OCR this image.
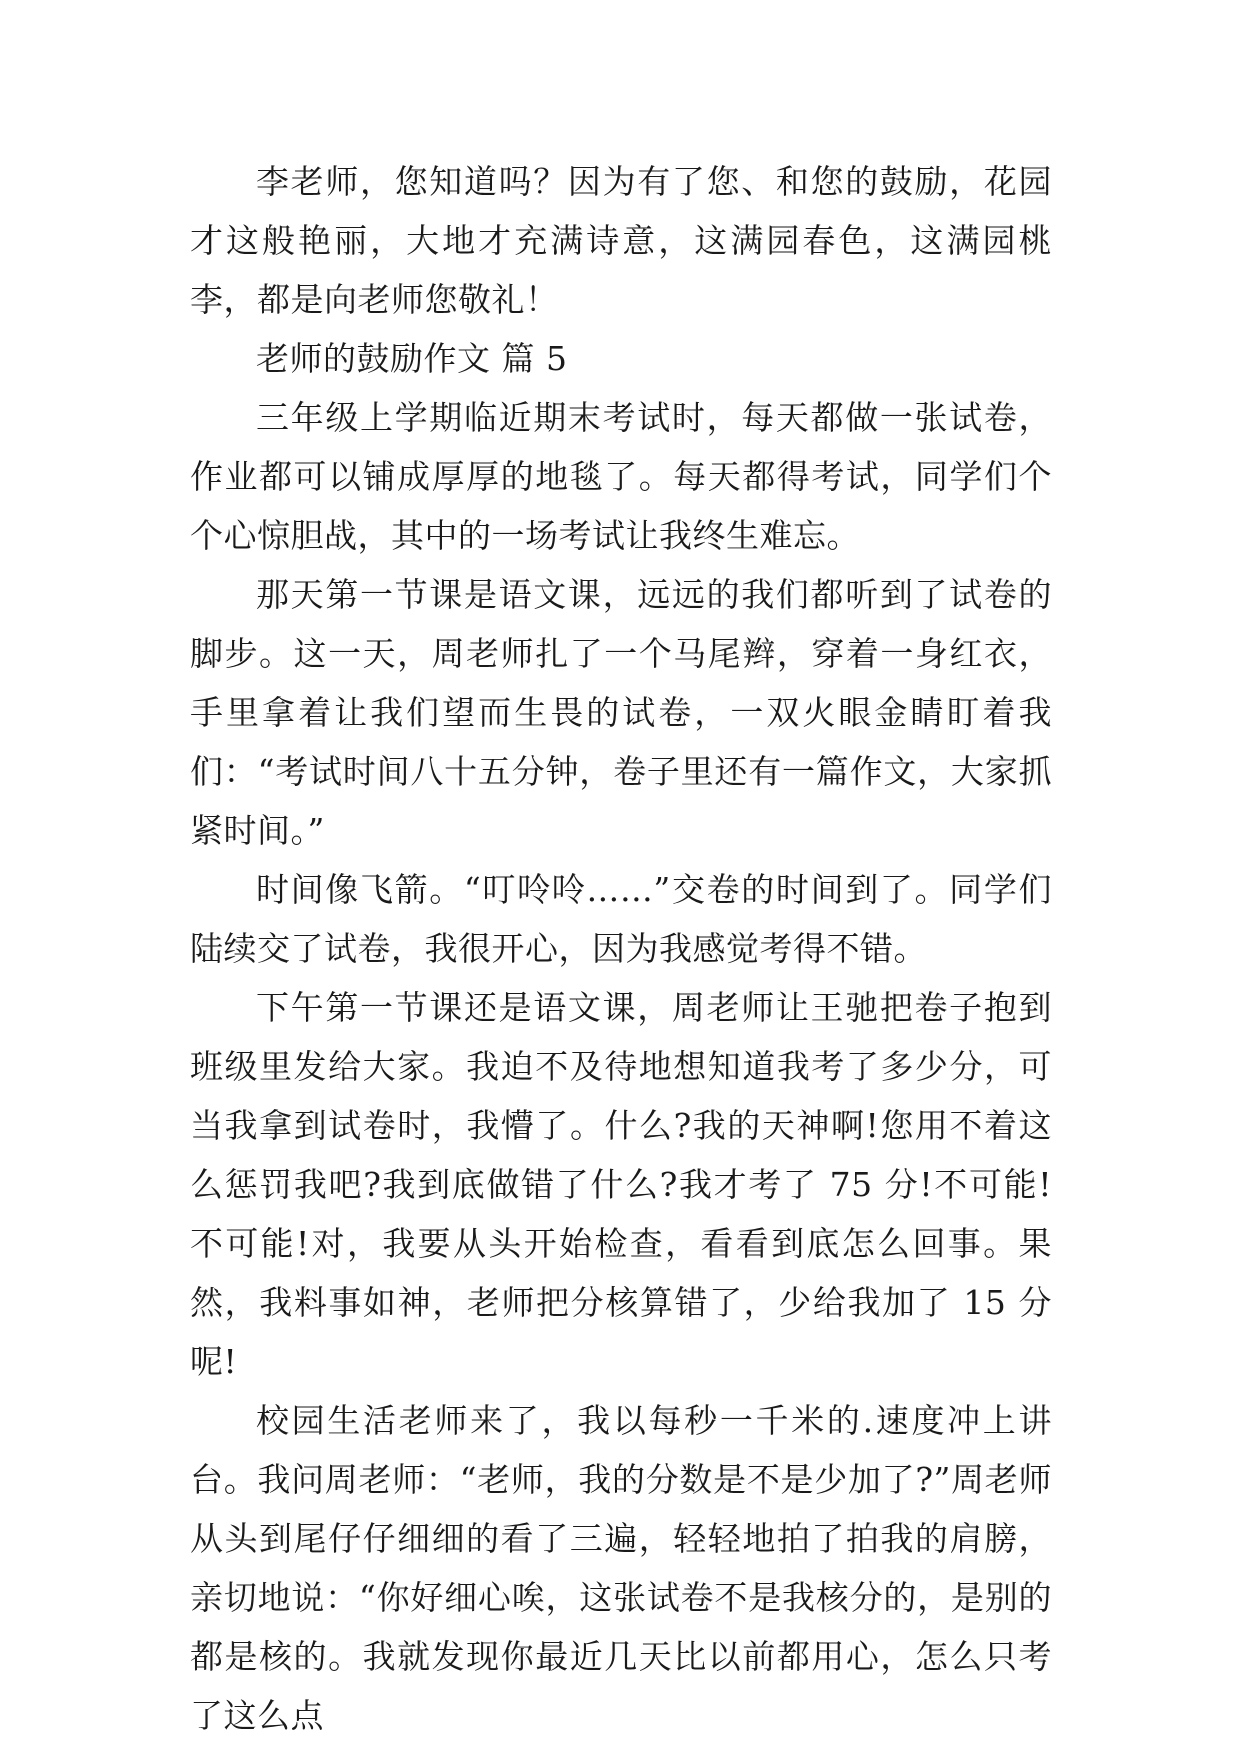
李老师，您知道吗？因为有了您、和您的鼓励，花园才这般艳丽，大地才充满诗意，这满园春色，这满园桃李，都是向老师您敬礼！

老师的鼓励作文 篇 5

三年级上学期临近期末考试时，每天都做一张试卷，作业都可以铺成厚厚的地毯了。每天都得考试，同学们个个心惊胆战，其中的一场考试让我终生难忘。

那天第一节课是语文课，远远的我们都听到了试卷的脚步。这一天，周老师扎了一个马尾辫，穿着一身红衣，手里拿着让我们望而生畏的试卷，一双火眼金睛盯着我们：“考试时间八十五分钟，卷子里还有一篇作文，大家抓紧时间。”

时间像飞箭。“叮呤呤……”交卷的时间到了。同学们陆续交了试卷，我很开心，因为我感觉考得不错。

下午第一节课还是语文课，周老师让王驰把卷子抱到班级里发给大家。我迫不及待地想知道我考了多少分，可当我拿到试卷时，我懵了。什么?我的天神啊!您用不着这么惩罚我吧?我到底做错了什么?我才考了 75 分!不可能!不可能!对，我要从头开始检查，看看到底怎么回事。果然，我料事如神，老师把分核算错了，少给我加了 15 分呢!

校园生活老师来了，我以每秒一千米的.速度冲上讲台。我问周老师：“老师，我的分数是不是少加了?”周老师从头到尾仔仔细细的看了三遍，轻轻地拍了拍我的肩膀，亲切地说：“你好细心唉，这张试卷不是我核分的，是别的都是核的。我就发现你最近几天比以前都用心，怎么只考了这么点
